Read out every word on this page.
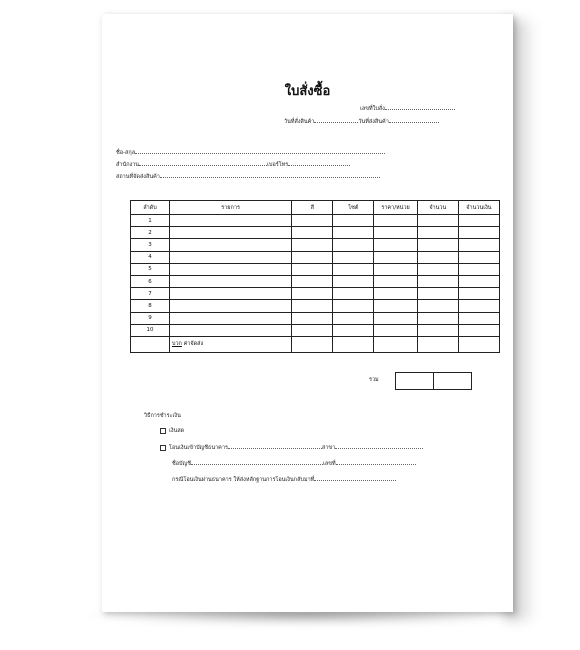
ใบสั่งซื้อ
เลขที่ใบสั่ง
วันที่สั่งสินค้า	วันที่ส่งสินค้า
ชื่อ-สกุล
สำนักงาน	เบอร์โทร
สถานที่จัดส่งสินค้า
ลำดับ	รายการ	สี	ไซต์	ราคา/หน่วย	จำนวน	จำนวนเงิน
1						
2						
3						
4						
5						
6						
7						
8						
9						
10						
	บวก ค่าจัดส่ง					
รวม
วิธีการชำระเงิน
เงินสด
โอนเงินเข้าบัญชีธนาคาร	สาขา
ชื่อบัญชี	เลขที่
กรณีโอนเงินผ่านธนาคาร ให้ส่งหลักฐานการโอนเงินกลับมาที่
